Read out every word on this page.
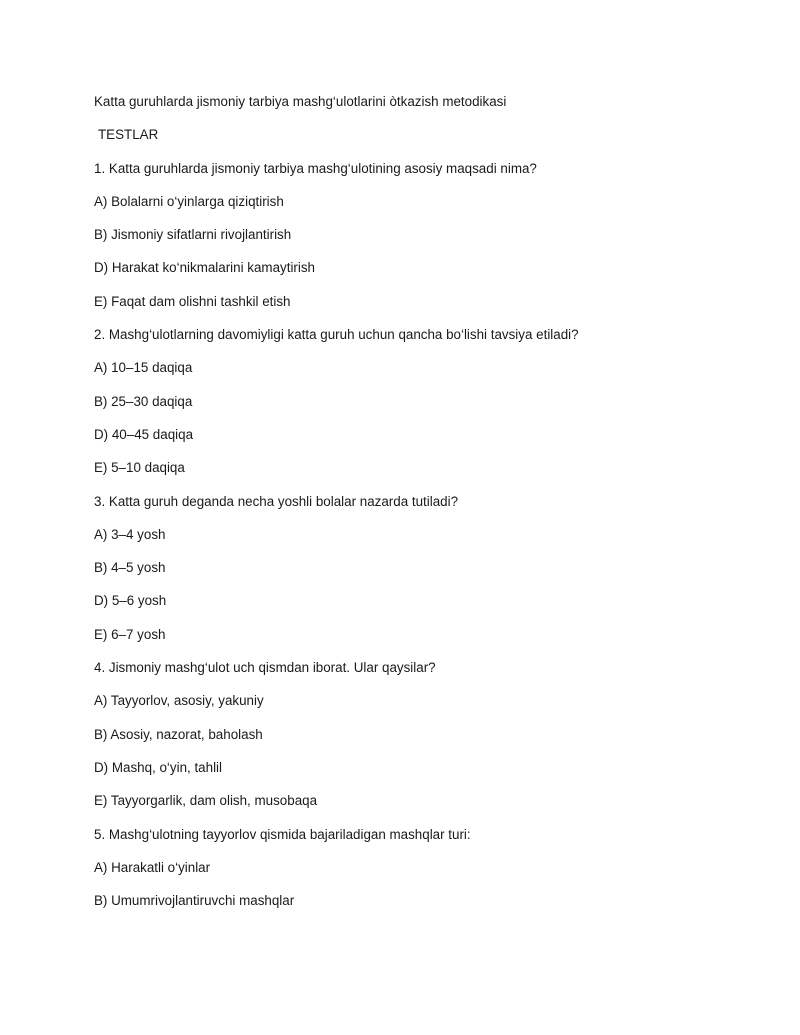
Katta guruhlarda jismoniy tarbiya mashg‘ulotlarini òtkazish metodikasi
TESTLAR
1. Katta guruhlarda jismoniy tarbiya mashg‘ulotining asosiy maqsadi nima?
A) Bolalarni o‘yinlarga qiziqtirish
B) Jismoniy sifatlarni rivojlantirish
D) Harakat ko‘nikmalarini kamaytirish
E) Faqat dam olishni tashkil etish
2. Mashg‘ulotlarning davomiyligi katta guruh uchun qancha bo‘lishi tavsiya etiladi?
A) 10–15 daqiqa
B) 25–30 daqiqa
D) 40–45 daqiqa
E) 5–10 daqiqa
3. Katta guruh deganda necha yoshli bolalar nazarda tutiladi?
A) 3–4 yosh
B) 4–5 yosh
D) 5–6 yosh
E) 6–7 yosh
4. Jismoniy mashg‘ulot uch qismdan iborat. Ular qaysilar?
A) Tayyorlov, asosiy, yakuniy
B) Asosiy, nazorat, baholash
D) Mashq, o‘yin, tahlil
E) Tayyorgarlik, dam olish, musobaqa
5. Mashg‘ulotning tayyorlov qismida bajariladigan mashqlar turi:
A) Harakatli o‘yinlar
B) Umumrivojlantiruvchi mashqlar
